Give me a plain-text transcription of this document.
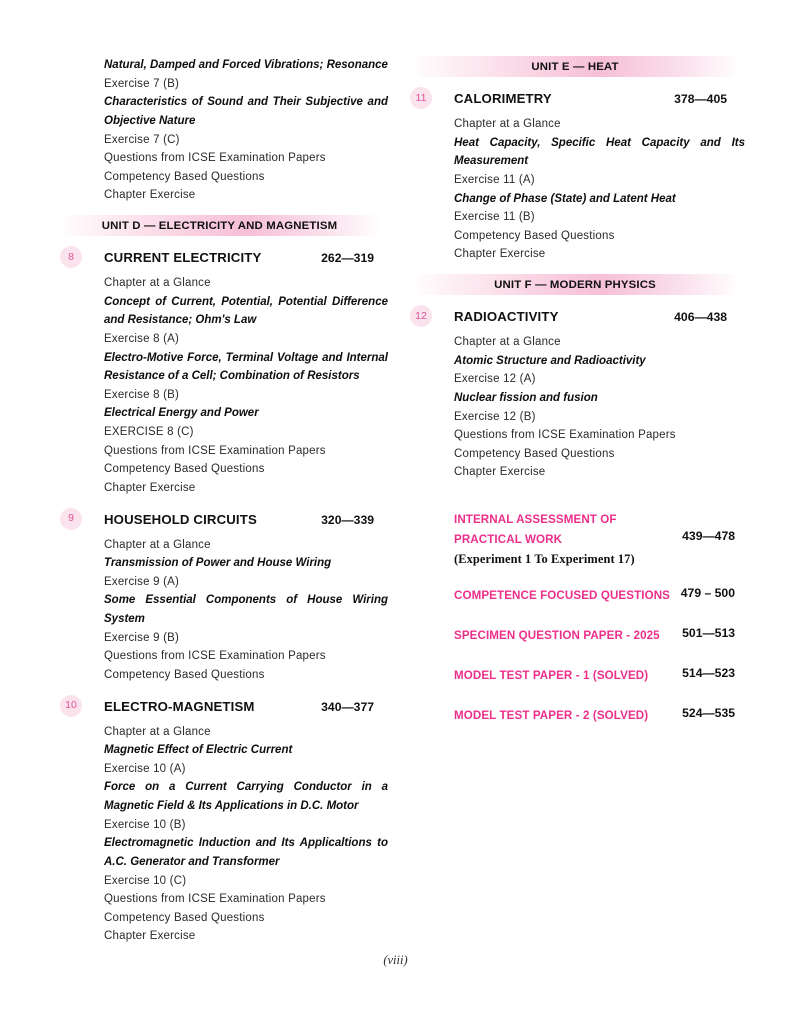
Natural, Damped and Forced Vibrations; Resonance
Exercise 7 (B)
Characteristics of Sound and Their Subjective and Objective Nature
Exercise 7 (C)
Questions from ICSE Examination Papers
Competency Based Questions
Chapter Exercise
UNIT D — ELECTRICITY AND MAGNETISM
8	CURRENT ELECTRICITY	262—319
Chapter at a Glance
Concept of Current, Potential, Potential Difference and Resistance; Ohm's Law
Exercise 8 (A)
Electro-Motive Force, Terminal Voltage and Internal Resistance of a Cell; Combination of Resistors
Exercise 8 (B)
Electrical Energy and Power
EXERCISE 8 (C)
Questions from ICSE Examination Papers
Competency Based Questions
Chapter Exercise
9	HOUSEHOLD CIRCUITS	320—339
Chapter at a Glance
Transmission of Power and House Wiring
Exercise 9 (A)
Some Essential Components of House Wiring System
Exercise 9 (B)
Questions from ICSE Examination Papers
Competency Based Questions
10	ELECTRO-MAGNETISM	340—377
Chapter at a Glance
Magnetic Effect of Electric Current
Exercise 10 (A)
Force on a Current Carrying Conductor in a Magnetic Field & Its Applications in D.C. Motor
Exercise 10 (B)
Electromagnetic Induction and Its Applicaltions to A.C. Generator and Transformer
Exercise 10 (C)
Questions from ICSE Examination Papers
Competency Based Questions
Chapter Exercise
UNIT E — HEAT
11	CALORIMETRY	378—405
Chapter at a Glance
Heat Capacity, Specific Heat Capacity and Its Measurement
Exercise 11 (A)
Change of Phase (State) and Latent Heat
Exercise 11 (B)
Competency Based Questions
Chapter Exercise
UNIT F — MODERN PHYSICS
12	RADIOACTIVITY	406—438
Chapter at a Glance
Atomic Structure and Radioactivity
Exercise 12 (A)
Nuclear fission and fusion
Exercise 12 (B)
Questions from ICSE Examination Papers
Competency Based Questions
Chapter Exercise
INTERNAL ASSESSMENT OF
PRACTICAL WORK
(Experiment 1 To Experiment 17)
439—478
COMPETENCE FOCUSED QUESTIONS 479 – 500
SPECIMEN QUESTION PAPER - 2025	501—513
MODEL TEST PAPER - 1 (SOLVED)	514—523
MODEL TEST PAPER - 2 (SOLVED)	524—535
(viii)
